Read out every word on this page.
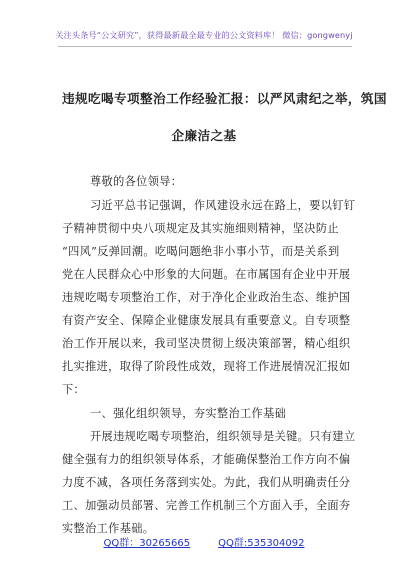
关注头条号“公文研究”，获得最新最全最专业的公文资料库！ 微信：gongwenyj
违规吃喝专项整治工作经验汇报：以严风肃纪之举，筑国
企廉洁之基
尊敬的各位领导：
习近平总书记强调，作风建设永远在路上，要以钉钉
子精神贯彻中央八项规定及其实施细则精神，坚决防止
“四风”反弹回潮。吃喝问题绝非小事小节，而是关系到
党在人民群众心中形象的大问题。在市属国有企业中开展
违规吃喝专项整治工作，对于净化企业政治生态、维护国
有资产安全、保障企业健康发展具有重要意义。自专项整
治工作开展以来，我司坚决贯彻上级决策部署，精心组织
扎实推进，取得了阶段性成效，现将工作进展情况汇报如
下：
一、强化组织领导，夯实整治工作基础
开展违规吃喝专项整治，组织领导是关键。只有建立
健全强有力的组织领导体系，才能确保整治工作方向不偏
力度不减，各项任务落到实处。为此，我们从明确责任分
工、加强动员部署、完善工作机制三个方面入手，全面夯
实整治工作基础。
QQ群：30265665	QQ群:535304092
